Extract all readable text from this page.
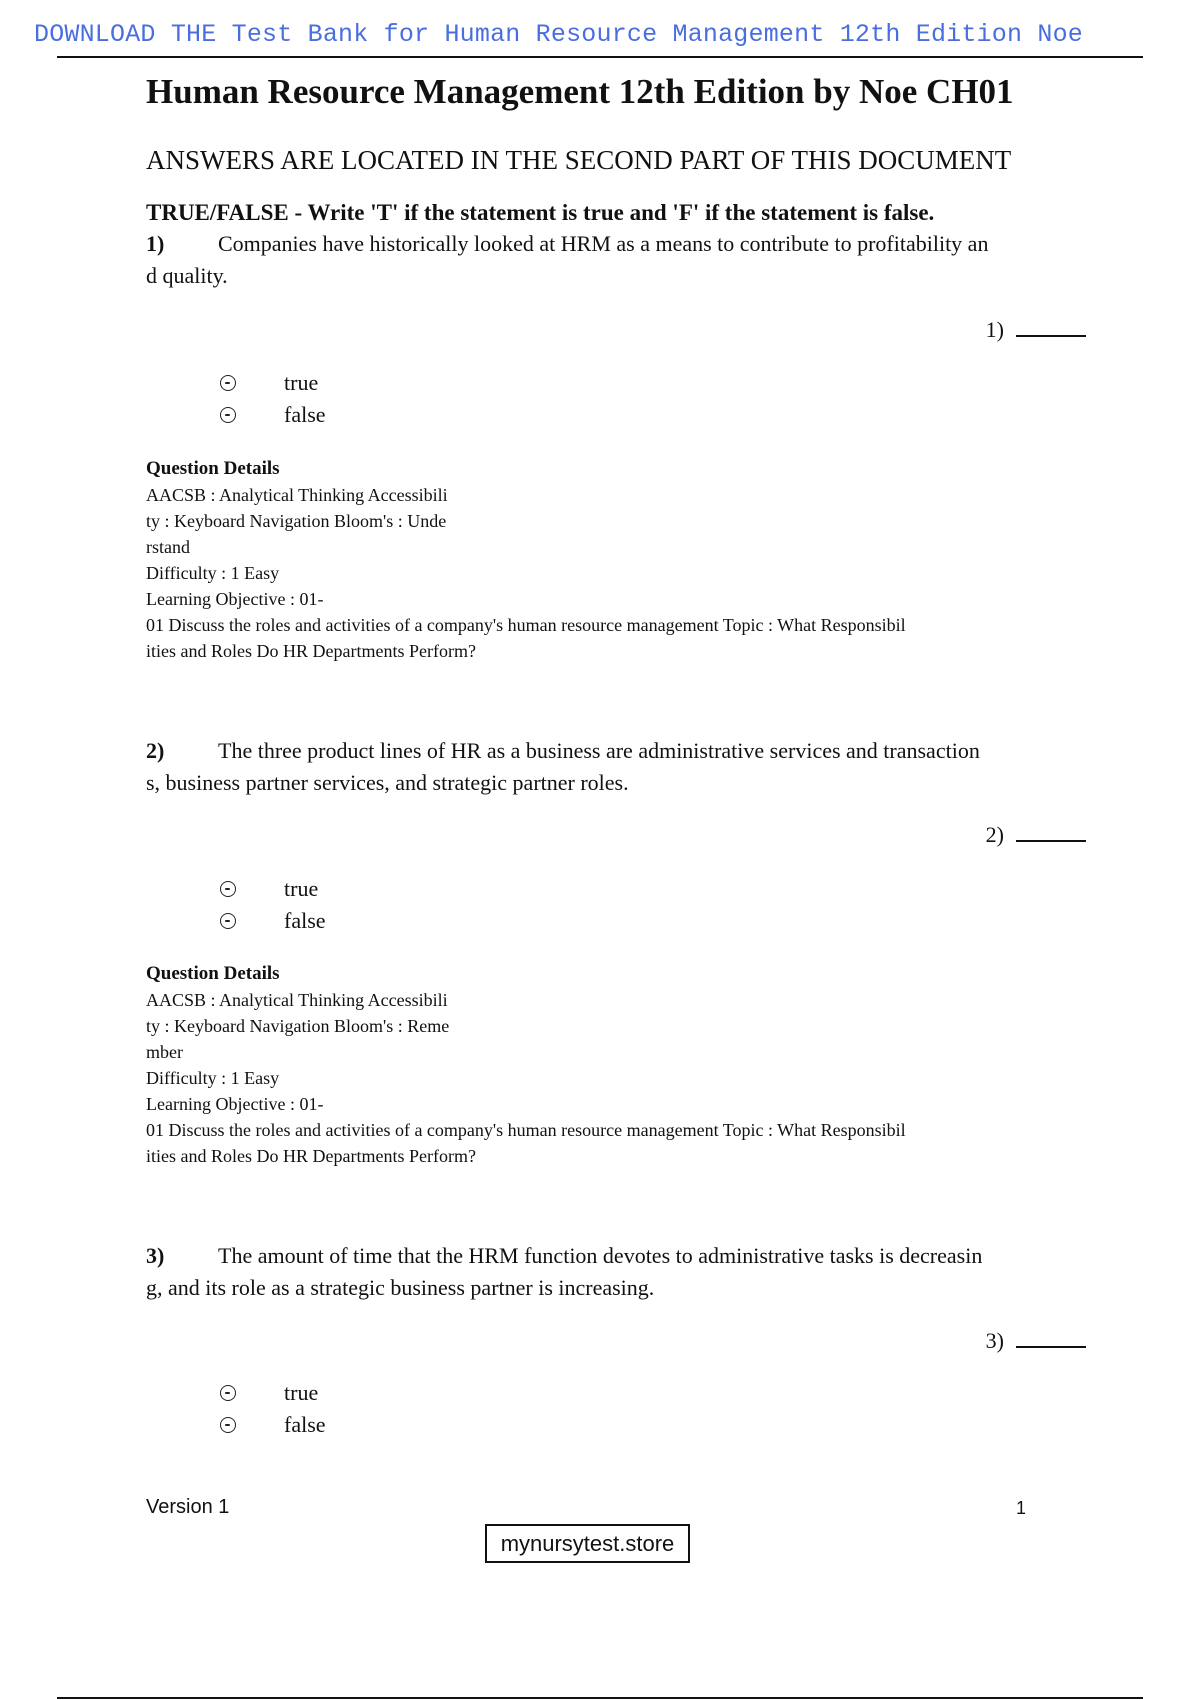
DOWNLOAD THE Test Bank for Human Resource Management 12th Edition Noe
Human Resource Management 12th Edition by Noe CH01
ANSWERS ARE LOCATED IN THE SECOND PART OF THIS DOCUMENT
TRUE/FALSE - Write 'T' if the statement is true and 'F' if the statement is false.
1) Companies have historically looked at HRM as a means to contribute to profitability an
d quality.
1)
true
false
Question Details
AACSB : Analytical Thinking Accessibili
ty : Keyboard Navigation Bloom's : Unde
rstand
Difficulty : 1 Easy
Learning Objective : 01-
01 Discuss the roles and activities of a company's human resource management Topic : What Responsibil
ities and Roles Do HR Departments Perform?
2) The three product lines of HR as a business are administrative services and transaction
s, business partner services, and strategic partner roles.
2)
true
false
Question Details
AACSB : Analytical Thinking Accessibili
ty : Keyboard Navigation Bloom's : Reme
mber
Difficulty : 1 Easy
Learning Objective : 01-
01 Discuss the roles and activities of a company's human resource management Topic : What Responsibil
ities and Roles Do HR Departments Perform?
3) The amount of time that the HRM function devotes to administrative tasks is decreasin
g, and its role as a strategic business partner is increasing.
3)
true
false
Version 1	1
mynursytest.store
